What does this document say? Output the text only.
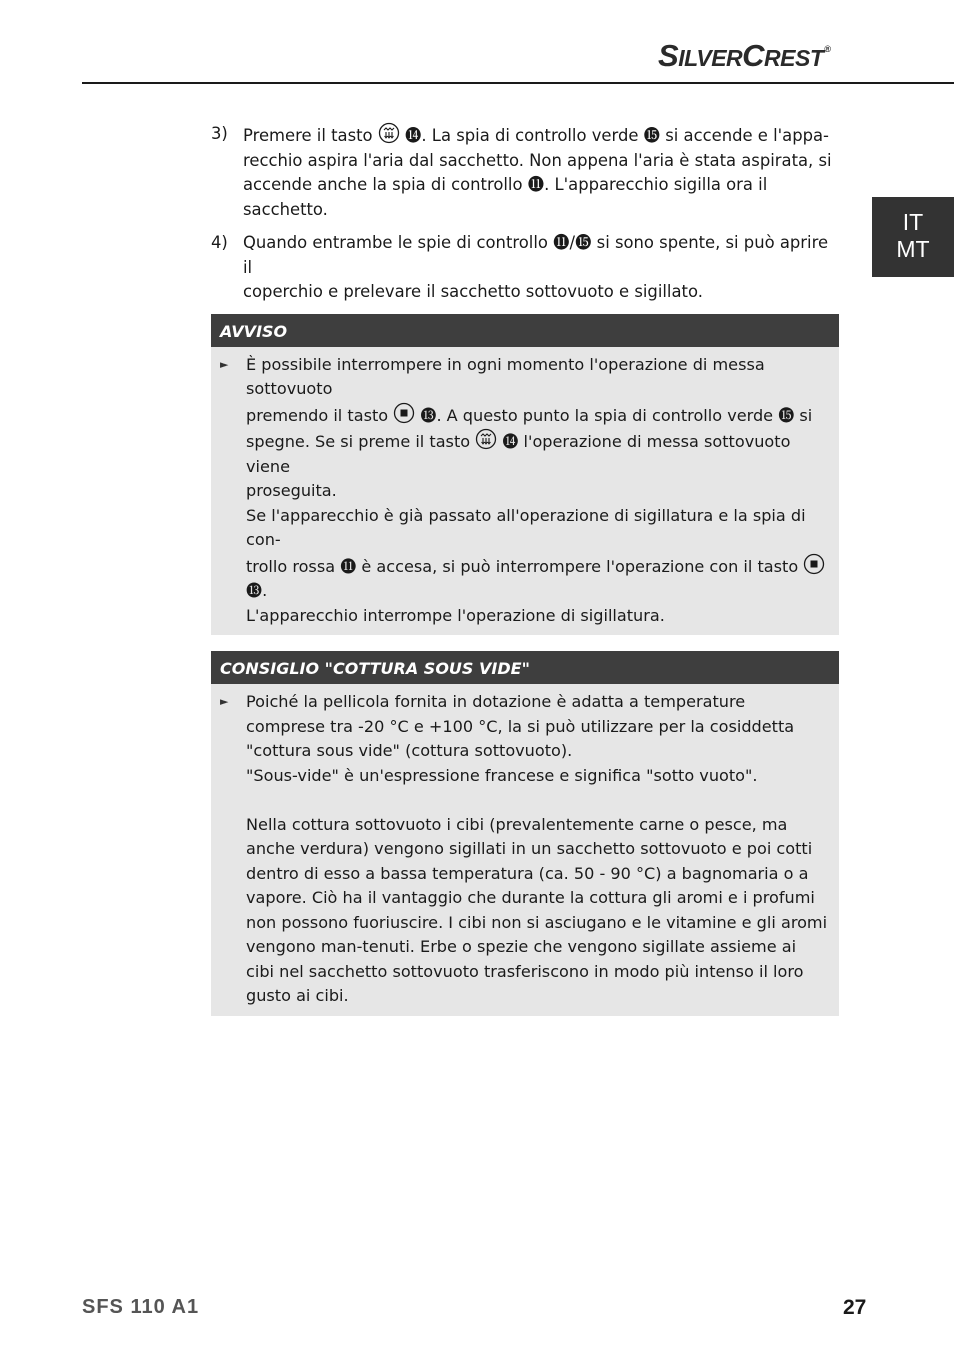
SILVERCREST®
IT
MT
3) Premere il tasto  ⓮. La spia di controllo verde ⓯ si accende e l'appa-
recchio aspira l'aria dal sacchetto. Non appena l'aria è stata aspirata, si
accende anche la spia di controllo ⓫. L'apparecchio sigilla ora il sacchetto.
4) Quando entrambe le spie di controllo ⓫/⓯ si sono spente, si può aprire il
coperchio e prelevare il sacchetto sottovuoto e sigillato.
AVVISO
►	È possibile interrompere in ogni momento l'operazione di messa sottovuoto
premendo il tasto  ⓭. A questo punto la spia di controllo verde ⓯ si
spegne. Se si preme il tasto  ⓮ l'operazione di messa sottovuoto viene
proseguita.
Se l'apparecchio è già passato all'operazione di sigillatura e la spia di con-
trollo rossa ⓫ è accesa, si può interrompere l'operazione con il tasto  ⓭.
L'apparecchio interrompe l'operazione di sigillatura.
CONSIGLIO "COTTURA SOUS VIDE"
►	Poiché la pellicola fornita in dotazione è adatta a temperature comprese tra -20 °C e +100 °C, la si può utilizzare per la cosiddetta "cottura sous vide" (cottura sottovuoto).

"Sous-vide" è un'espressione francese e significa "sotto vuoto".

Nella cottura sottovuoto i cibi (prevalentemente carne o pesce, ma anche verdura) vengono sigillati in un sacchetto sottovuoto e poi cotti dentro di esso a bassa temperatura (ca. 50 - 90 °C) a bagnomaria o a vapore. Ciò ha il vantaggio che durante la cottura gli aromi e i profumi non possono fuoriuscire. I cibi non si asciugano e le vitamine e gli aromi vengono man-tenuti. Erbe o spezie che vengono sigillate assieme ai cibi nel sacchetto sottovuoto trasferiscono in modo più intenso il loro gusto ai cibi.

SFS 110 A1	27
